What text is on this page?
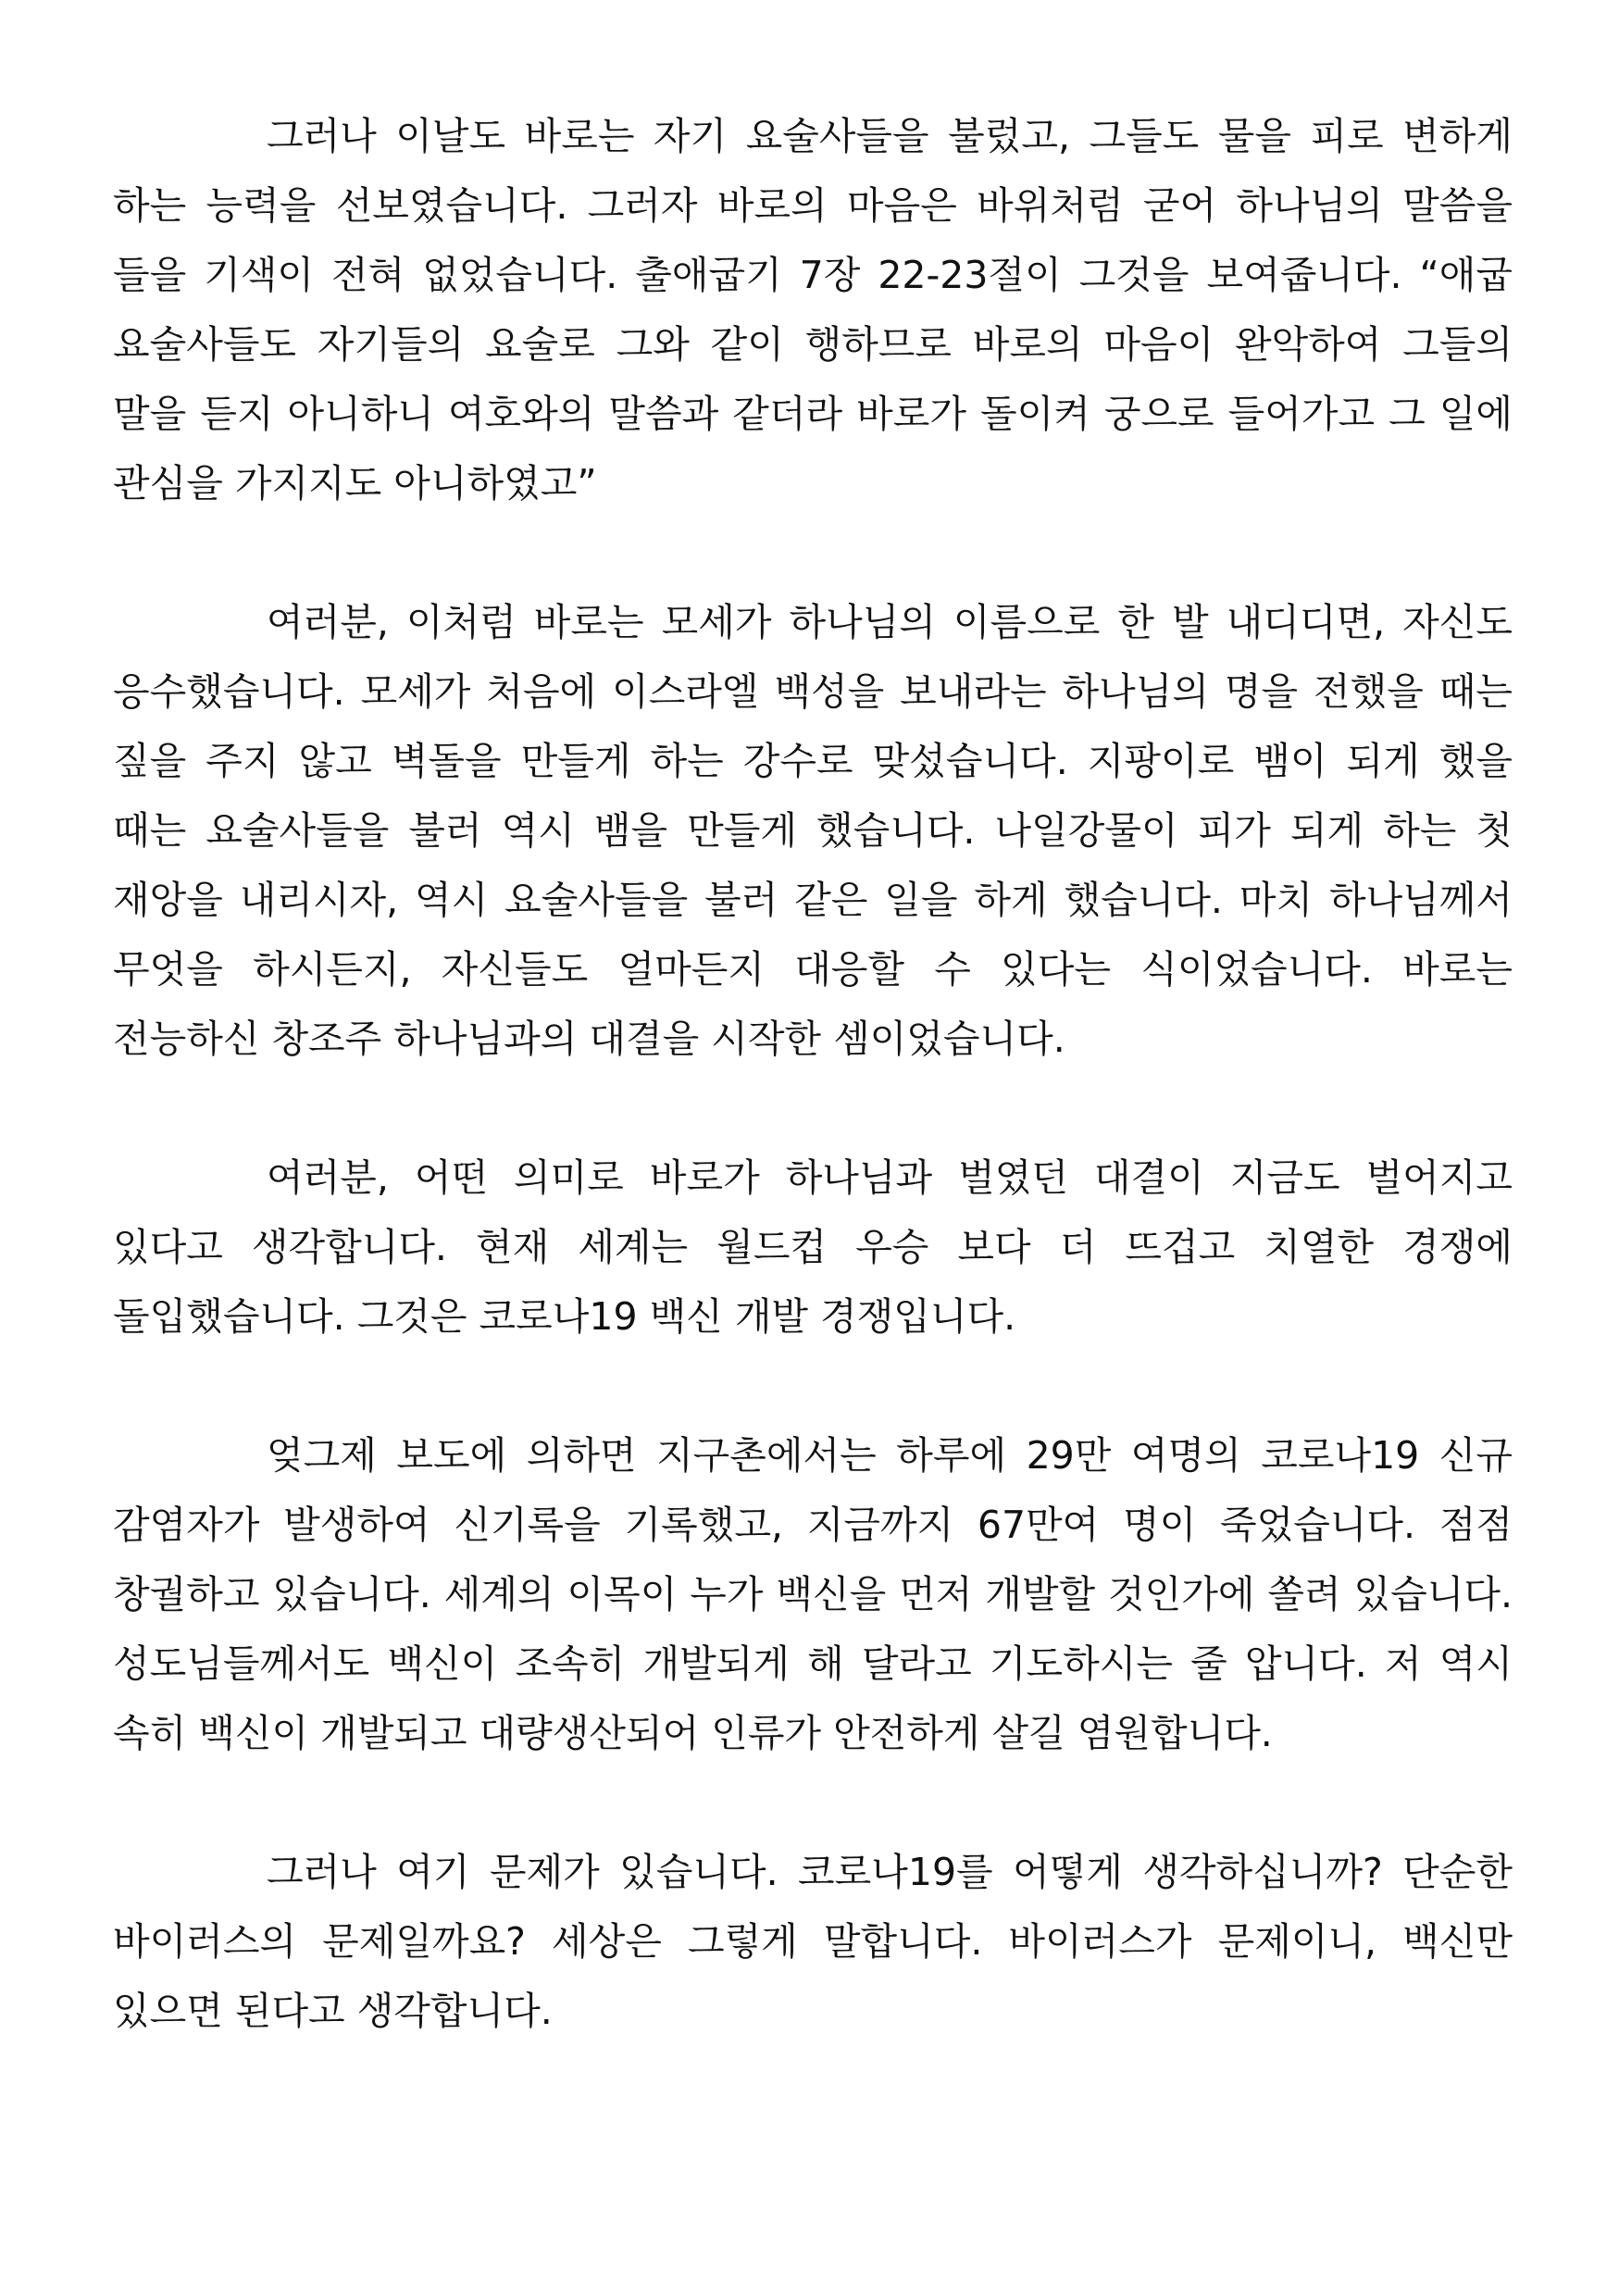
그러나 이날도 바로는 자기 요술사들을 불렀고, 그들도 물을 피로 변하게 하는 능력을 선보였습니다. 그러자 바로의 마음은 바위처럼 굳어 하나님의 말씀을 들을 기색이 전혀 없었습니다. 출애굽기 7장 22-23절이 그것을 보여줍니다. “애굽 요술사들도 자기들의 요술로 그와 같이 행하므로 바로의 마음이 완악하여 그들의 말을 듣지 아니하니 여호와의 말씀과 같더라 바로가 돌이켜 궁으로 들어가고 그 일에 관심을 가지지도 아니하였고”

여러분, 이처럼 바로는 모세가 하나님의 이름으로 한 발 내디디면, 자신도 응수했습니다. 모세가 처음에 이스라엘 백성을 보내라는 하나님의 명을 전했을 때는 짚을 주지 않고 벽돌을 만들게 하는 강수로 맞섰습니다. 지팡이로 뱀이 되게 했을 때는 요술사들을 불러 역시 뱀을 만들게 했습니다. 나일강물이 피가 되게 하는 첫 재앙을 내리시자, 역시 요술사들을 불러 같은 일을 하게 했습니다. 마치 하나님께서 무엇을 하시든지, 자신들도 얼마든지 대응할 수 있다는 식이었습니다. 바로는 전능하신 창조주 하나님과의 대결을 시작한 셈이었습니다.

여러분, 어떤 의미로 바로가 하나님과 벌였던 대결이 지금도 벌어지고 있다고 생각합니다. 현재 세계는 월드컵 우승 보다 더 뜨겁고 치열한 경쟁에 돌입했습니다. 그것은 코로나19 백신 개발 경쟁입니다.

엊그제 보도에 의하면 지구촌에서는 하루에 29만 여명의 코로나19 신규 감염자가 발생하여 신기록을 기록했고, 지금까지 67만여 명이 죽었습니다. 점점 창궐하고 있습니다. 세계의 이목이 누가 백신을 먼저 개발할 것인가에 쏠려 있습니다. 성도님들께서도 백신이 조속히 개발되게 해 달라고 기도하시는 줄 압니다. 저 역시 속히 백신이 개발되고 대량생산되어 인류가 안전하게 살길 염원합니다.

그러나 여기 문제가 있습니다. 코로나19를 어떻게 생각하십니까? 단순한 바이러스의 문제일까요? 세상은 그렇게 말합니다. 바이러스가 문제이니, 백신만 있으면 된다고 생각합니다.
